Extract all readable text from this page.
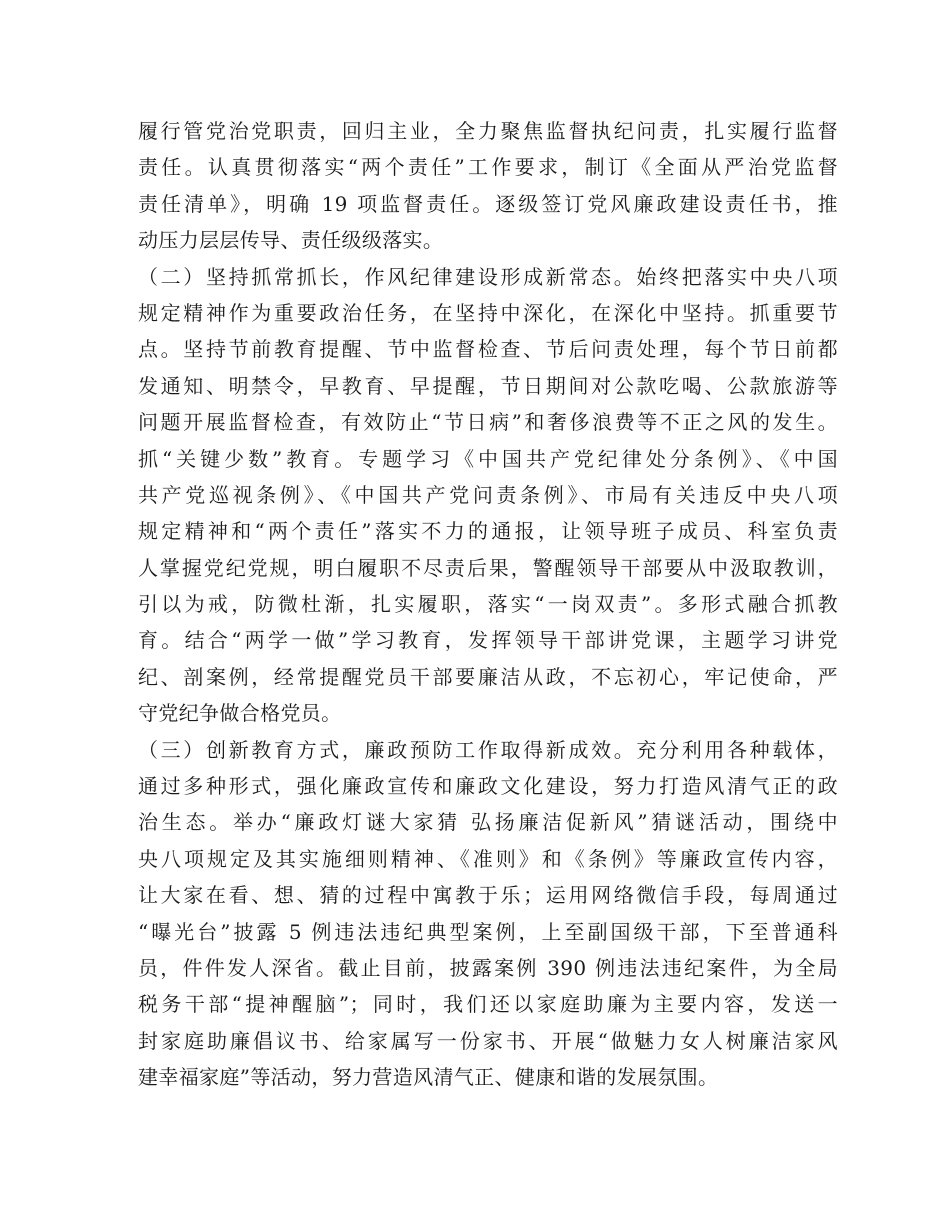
履行管党治党职责，回归主业，全力聚焦监督执纪问责，扎实履行监督
责任。认真贯彻落实“两个责任”工作要求，制订《全面从严治党监督
责任清单》，明确 19 项监督责任。逐级签订党风廉政建设责任书，推
动压力层层传导、责任级级落实。
（二）坚持抓常抓长，作风纪律建设形成新常态。始终把落实中央八项
规定精神作为重要政治任务，在坚持中深化，在深化中坚持。抓重要节
点。坚持节前教育提醒、节中监督检查、节后问责处理，每个节日前都
发通知、明禁令，早教育、早提醒，节日期间对公款吃喝、公款旅游等
问题开展监督检查，有效防止“节日病”和奢侈浪费等不正之风的发生。
抓“关键少数”教育。专题学习《中国共产党纪律处分条例》、《中国
共产党巡视条例》、《中国共产党问责条例》、市局有关违反中央八项
规定精神和“两个责任”落实不力的通报，让领导班子成员、科室负责
人掌握党纪党规，明白履职不尽责后果，警醒领导干部要从中汲取教训，
引以为戒，防微杜渐，扎实履职，落实“一岗双责”。多形式融合抓教
育。结合“两学一做”学习教育，发挥领导干部讲党课，主题学习讲党
纪、剖案例，经常提醒党员干部要廉洁从政，不忘初心，牢记使命，严
守党纪争做合格党员。
（三）创新教育方式，廉政预防工作取得新成效。充分利用各种载体，
通过多种形式，强化廉政宣传和廉政文化建设，努力打造风清气正的政
治生态。举办“廉政灯谜大家猜 弘扬廉洁促新风”猜谜活动，围绕中
央八项规定及其实施细则精神、《准则》和《条例》等廉政宣传内容，
让大家在看、想、猜的过程中寓教于乐；运用网络微信手段，每周通过
“曝光台”披露 5 例违法违纪典型案例，上至副国级干部，下至普通科
员，件件发人深省。截止目前，披露案例 390 例违法违纪案件，为全局
税务干部“提神醒脑”；同时，我们还以家庭助廉为主要内容，发送一
封家庭助廉倡议书、给家属写一份家书、开展“做魅力女人树廉洁家风
建幸福家庭”等活动，努力营造风清气正、健康和谐的发展氛围。
